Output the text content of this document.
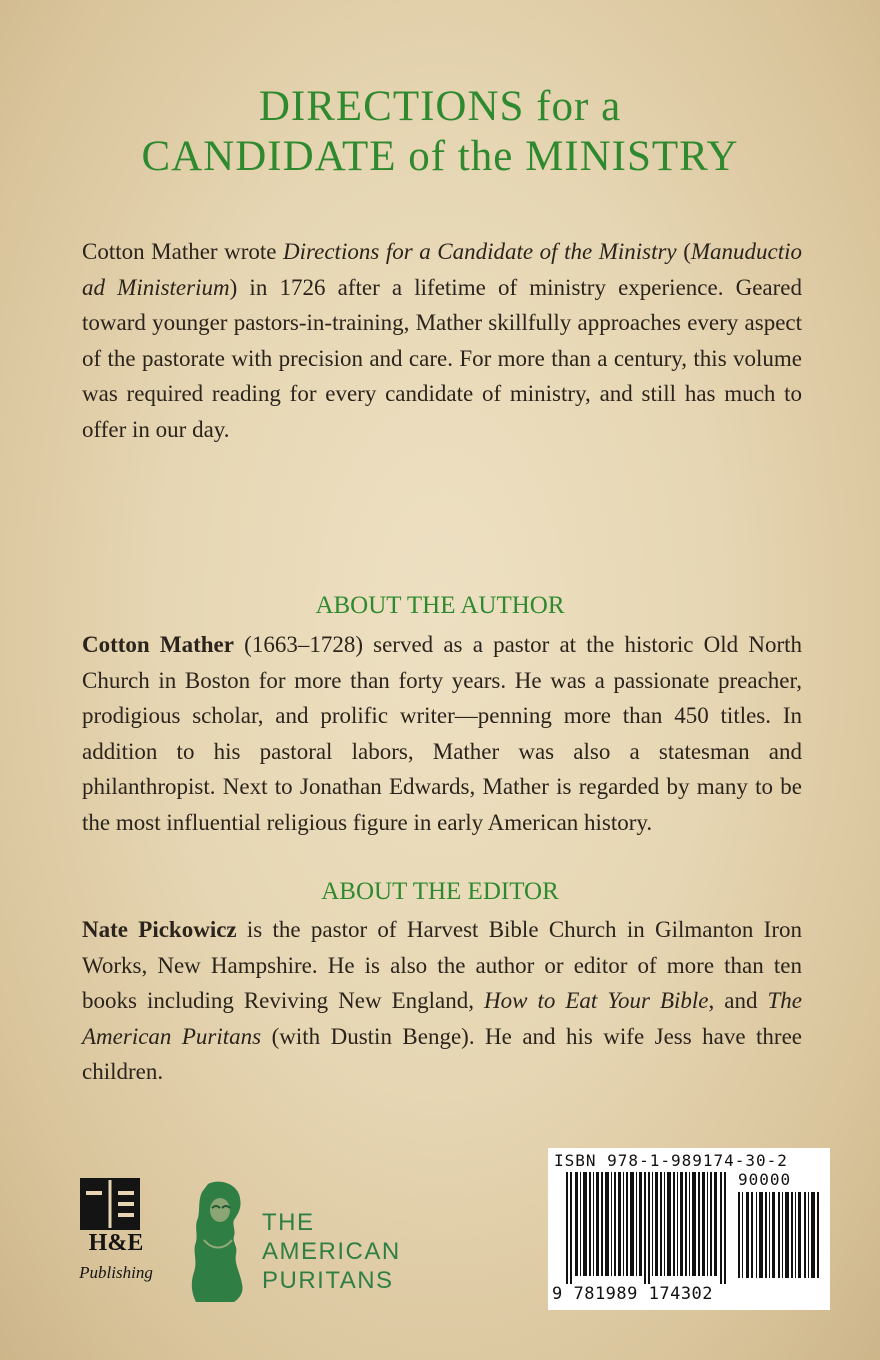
DIRECTIONS for a
CANDIDATE of the MINISTRY
Cotton Mather wrote Directions for a Candidate of the Ministry (Manuductio ad Ministerium) in 1726 after a lifetime of ministry experience. Geared toward younger pastors-in-training, Mather skillfully approaches every aspect of the pastorate with precision and care. For more than a century, this volume was required reading for every candidate of ministry, and still has much to offer in our day.
ABOUT THE AUTHOR
Cotton Mather (1663–1728) served as a pastor at the historic Old North Church in Boston for more than forty years. He was a passionate preacher, prodigious scholar, and prolific writer—penning more than 450 titles. In addition to his pastoral labors, Mather was also a statesman and philanthropist. Next to Jonathan Edwards, Mather is regarded by many to be the most influential religious figure in early American history.
ABOUT THE EDITOR
Nate Pickowicz is the pastor of Harvest Bible Church in Gilmanton Iron Works, New Hampshire. He is also the author or editor of more than ten books including Reviving New England, How to Eat Your Bible, and The American Puritans (with Dustin Benge). He and his wife Jess have three children.
H&E
Publishing
THE
AMERICAN
PURITANS
ISBN 978-1-989174-30-2
90000
9 781989 174302
